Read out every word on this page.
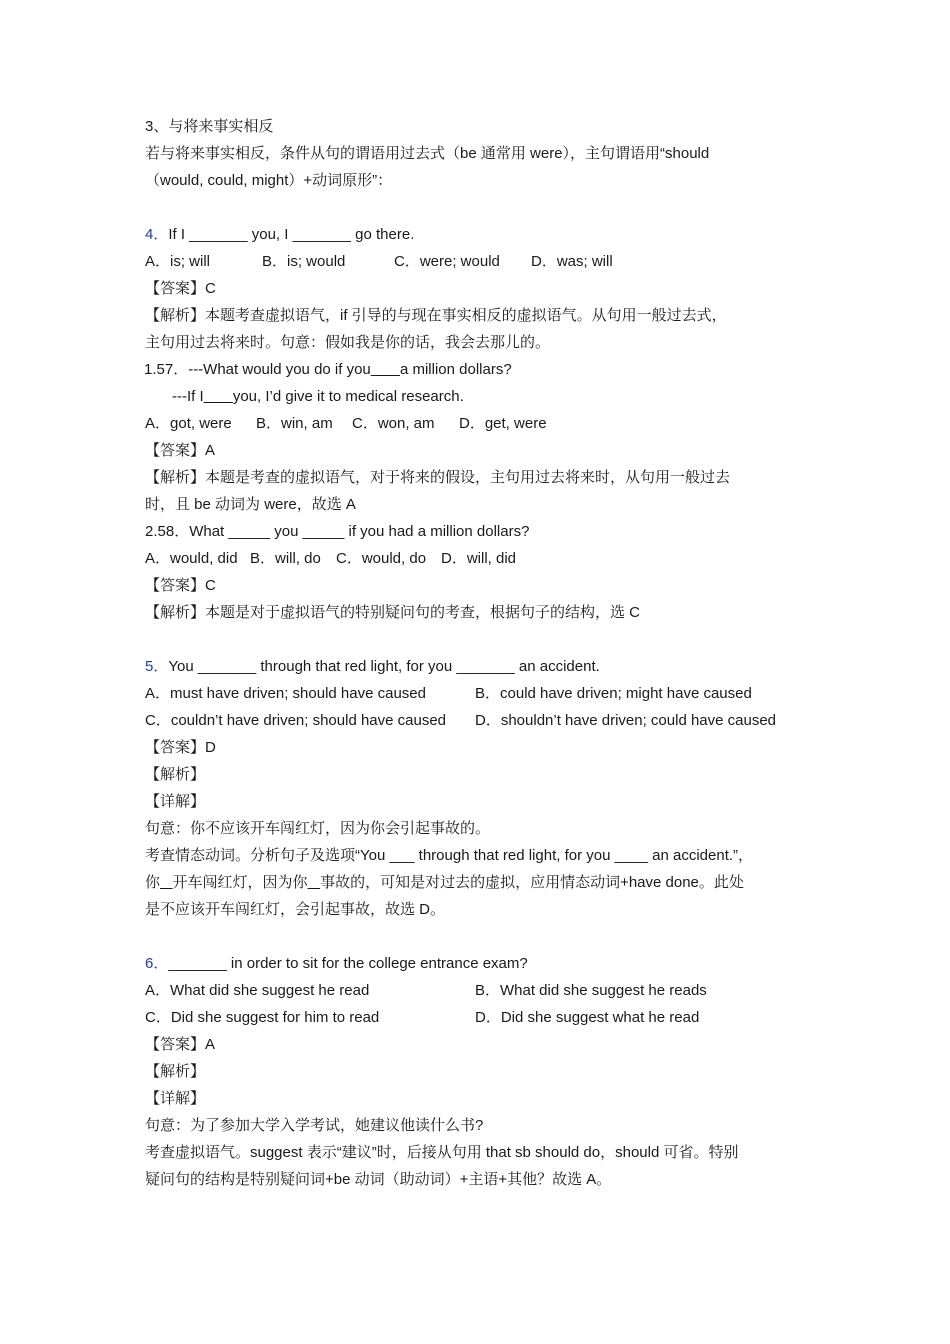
3、与将来事实相反
若与将来事实相反，条件从句的谓语用过去式（be 通常用 were），主句谓语用“should
（would, could, might）+动词原形”：
4．If I _______ you, I _______ go there.
A．is; will	B．is; would	C．were; would	D．was; will
【答案】C
【解析】本题考查虚拟语气，if 引导的与现在事实相反的虚拟语气。从句用一般过去式，
主句用过去将来时。句意：假如我是你的话，我会去那儿的。
1.57．---What would you do if you a million dollars?
---If I you, I’d give it to medical research.
A．got, were	B．win, am	C．won, am	D．get, were
【答案】A
【解析】本题是考查的虚拟语气，对于将来的假设，主句用过去将来时，从句用一般过去
时，且 be 动词为 were，故选 A
2.58．What _____ you _____ if you had a million dollars?
A．would, did B．will, do	C．would, do D．will, did
【答案】C
【解析】本题是对于虚拟语气的特别疑问句的考查，根据句子的结构，选 C
5．You _______ through that red light, for you _______ an accident.
A．must have driven; should have caused	B．could have driven; might have caused
C．couldn’t have driven; should have caused	D．shouldn’t have driven; could have caused
【答案】D
【解析】
【详解】
句意：你不应该开车闯红灯，因为你会引起事故的。
考查情态动词。分析句子及选项“You ___ through that red light, for you ____ an accident.”，
你 开车闯红灯，因为你 事故的，可知是对过去的虚拟，应用情态动词+have done。此处
是不应该开车闯红灯，会引起事故，故选 D。
6．_______ in order to sit for the college entrance exam?
A．What did she suggest he read	B．What did she suggest he reads
C．Did she suggest for him to read	D．Did she suggest what he read
【答案】A
【解析】
【详解】
句意：为了参加大学入学考试，她建议他读什么书?
考查虚拟语气。suggest 表示“建议”时，后接从句用 that sb should do，should 可省。特别
疑问句的结构是特别疑问词+be 动词（助动词）+主语+其他？故选 A。
